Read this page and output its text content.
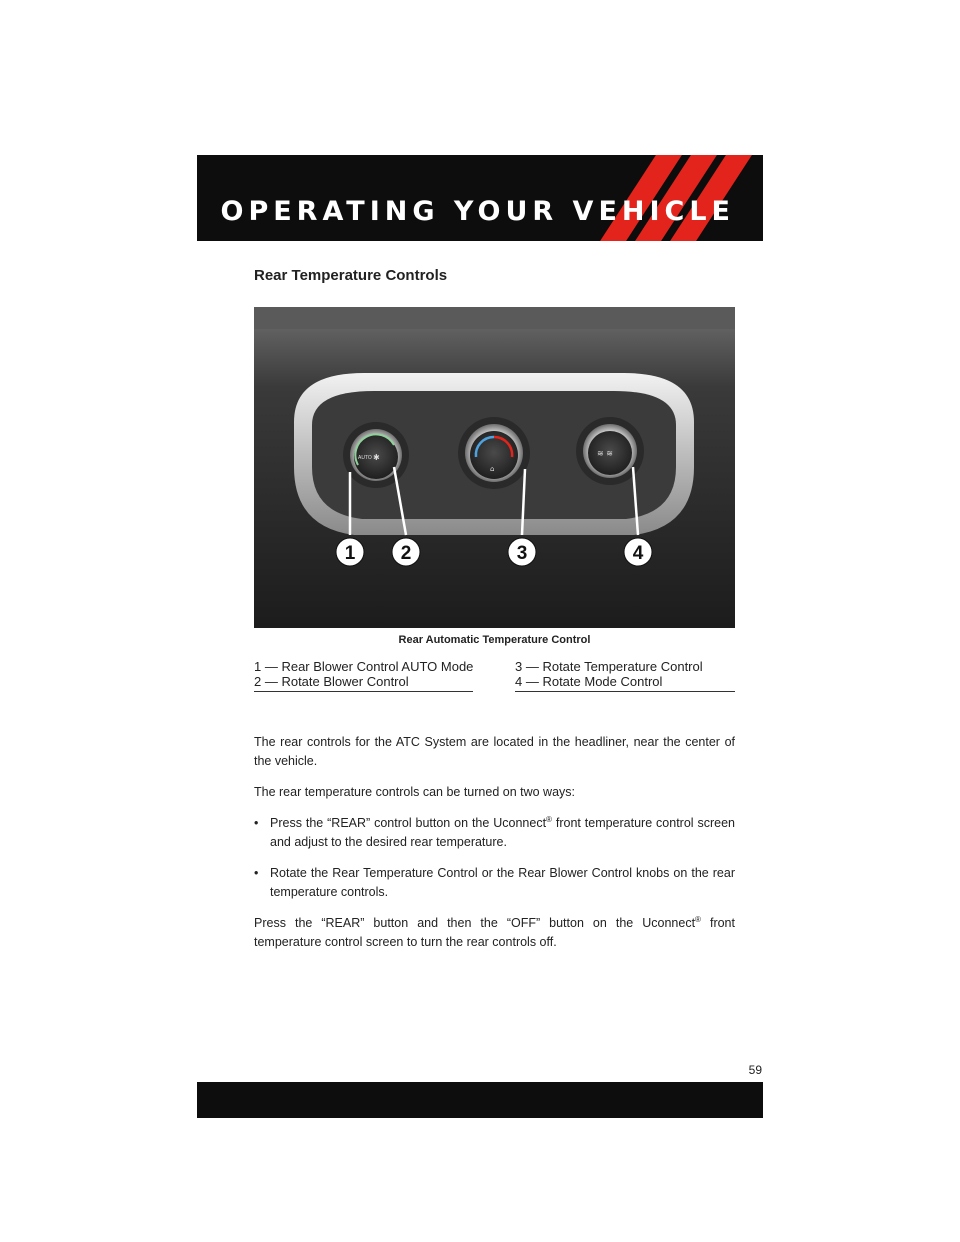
OPERATING YOUR VEHICLE
Rear Temperature Controls
AUTO ✱
⌂
≋ ≋
1 2	3	4
Rear Automatic Temperature Control
1 — Rear Blower Control AUTO Mode
2 — Rotate Blower Control
3 — Rotate Temperature Control
4 — Rotate Mode Control

The rear controls for the ATC System are located in the headliner, near the center of the vehicle.

The rear temperature controls can be turned on two ways:

• Press the “REAR” control button on the Uconnect® front temperature control screen and adjust to the desired rear temperature.
• Rotate the Rear Temperature Control or the Rear Blower Control knobs on the rear temperature controls.

Press the “REAR” button and then the “OFF” button on the Uconnect® front temperature control screen to turn the rear controls off.

59
